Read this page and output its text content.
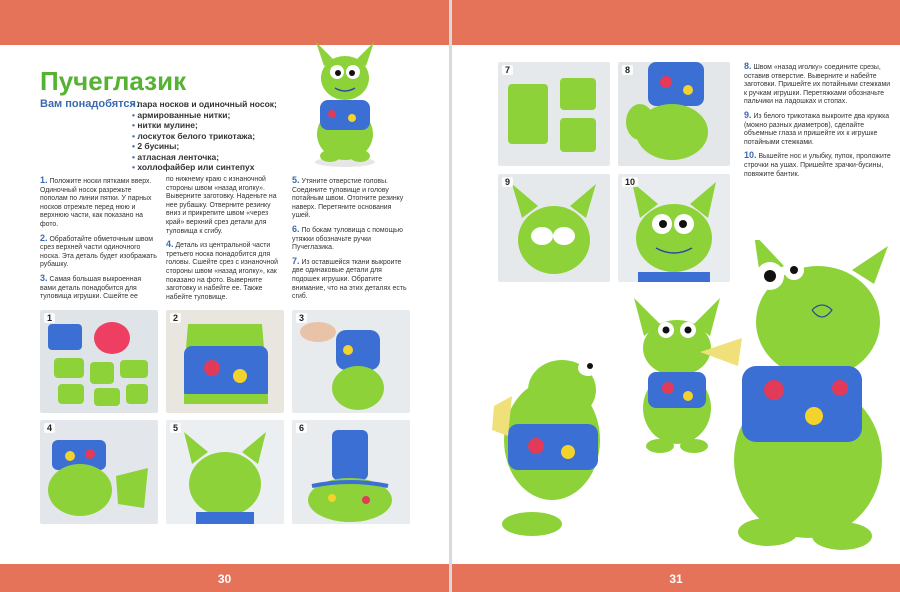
Пучеглазик
Вам понадобятся:
• пара носков и одиночный носок;
• армированные нитки;
• нитки мулине;
• лоскуток белого трикотажа;
• 2 бусины;
• атласная ленточка;
• холлофайбер или синтепух

1. Положите носки пятками вверх. Одиночный носок разрежьте пополам по линии пятки. У парных носков отрежьте перед нюю и верхнюю части, как показано на фото.

2. Обработайте обметочным швом срез верхней части одиночного носка. Эта деталь будет изображать рубашку.

3. Самая большая выкроенная вами деталь понадобится для туловища игрушки. Сшейте ее

по нижнему краю с изнаночной стороны швом «назад иголку». Выверните заготовку. Наденьте на нее рубашку. Отверните резинку вниз и прикрепите швом «через край» верхний срез детали для туловища к сгибу.

4. Деталь из центральной части третьего носка понадобится для головы. Сшейте срез с изнаночной стороны швом «назад иголку», как показано на фото. Выверните заготовку и набейте ее. Также набейте туловище.

5. Утяните отверстие головы. Соедините туловище и голову потайным швом. Отогните резинку наверх. Перетяните основания ушей.

6. По бокам туловища с помощью утяжки обозначьте ручки Пучеглазика.

7. Из оставшейся ткани выкроите две одинаковые детали для подошек игрушки. Обратите внимание, что на этих деталях есть сгиб.

1	2	3
4	5	6
30
7	8
9	10

8. Швом «назад иголку» соедините срезы, оставив отверстие. Выверните и набейте заготовки. Пришейте их потайными стежками к ручкам игрушки. Перетяжками обозначьте пальчики на ладошках и стопах.

9. Из белого трикотажа выкроите два кружка (можно разных диаметров), сделайте объемные глаза и пришейте их к игрушке потайными стежками.

10. Вышейте нос и улыбку, пупок, проложите строчки на ушах. Пришейте зрачки-бусины, повяжите бантик.

31
